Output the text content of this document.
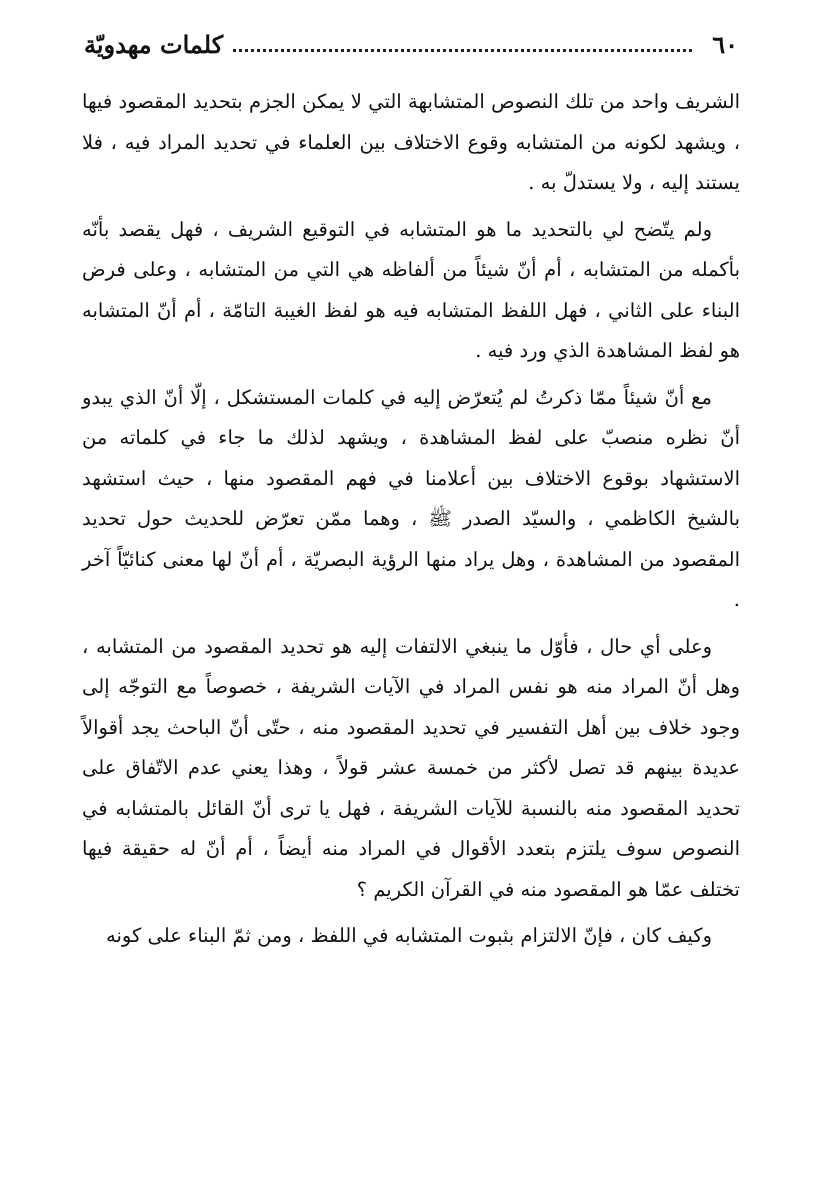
٦٠
كلمات مهدويّة

الشريف واحد من تلك النصوص المتشابهة التي لا يمكن الجزم بتحديد المقصود فيها ، ويشهد لكونه من المتشابه وقوع الاختلاف بين العلماء في تحديد المراد فيه ، فلا يستند إليه ، ولا يستدلّ به .

ولم يتّضح لي بالتحديد ما هو المتشابه في التوقيع الشريف ، فهل يقصد بأنّه بأكمله من المتشابه ، أم أنّ شيئاً من ألفاظه هي التي من المتشابه ، وعلى فرض البناء على الثاني ، فهل اللفظ المتشابه فيه هو لفظ الغيبة التامّة ، أم أنّ المتشابه هو لفظ المشاهدة الذي ورد فيه .

مع أنّ شيئاً ممّا ذكرتُ لم يُتعرّض إليه في كلمات المستشكل ، إلّا أنّ الذي يبدو أنّ نظره منصبّ على لفظ المشاهدة ، ويشهد لذلك ما جاء في كلماته من الاستشهاد بوقوع الاختلاف بين أعلامنا في فهم المقصود منها ، حيث استشهد بالشيخ الكاظمي ، والسيّد الصدر ﷺ ، وهما ممّن تعرّض للحديث حول تحديد المقصود من المشاهدة ، وهل يراد منها الرؤية البصريّة ، أم أنّ لها معنى كنائيّاً آخر .

وعلى أي حال ، فأوّل ما ينبغي الالتفات إليه هو تحديد المقصود من المتشابه ، وهل أنّ المراد منه هو نفس المراد في الآيات الشريفة ، خصوصاً مع التوجّه إلى وجود خلاف بين أهل التفسير في تحديد المقصود منه ، حتّى أنّ الباحث يجد أقوالاً عديدة بينهم قد تصل لأكثر من خمسة عشر قولاً ، وهذا يعني عدم الاتّفاق على تحديد المقصود منه بالنسبة للآيات الشريفة ، فهل يا ترى أنّ القائل بالمتشابه في النصوص سوف يلتزم بتعدد الأقوال في المراد منه أيضاً ، أم أنّ له حقيقة فيها تختلف عمّا هو المقصود منه في القرآن الكريم ؟

وكيف كان ، فإنّ الالتزام بثبوت المتشابه في اللفظ ، ومن ثمّ البناء على كونه
